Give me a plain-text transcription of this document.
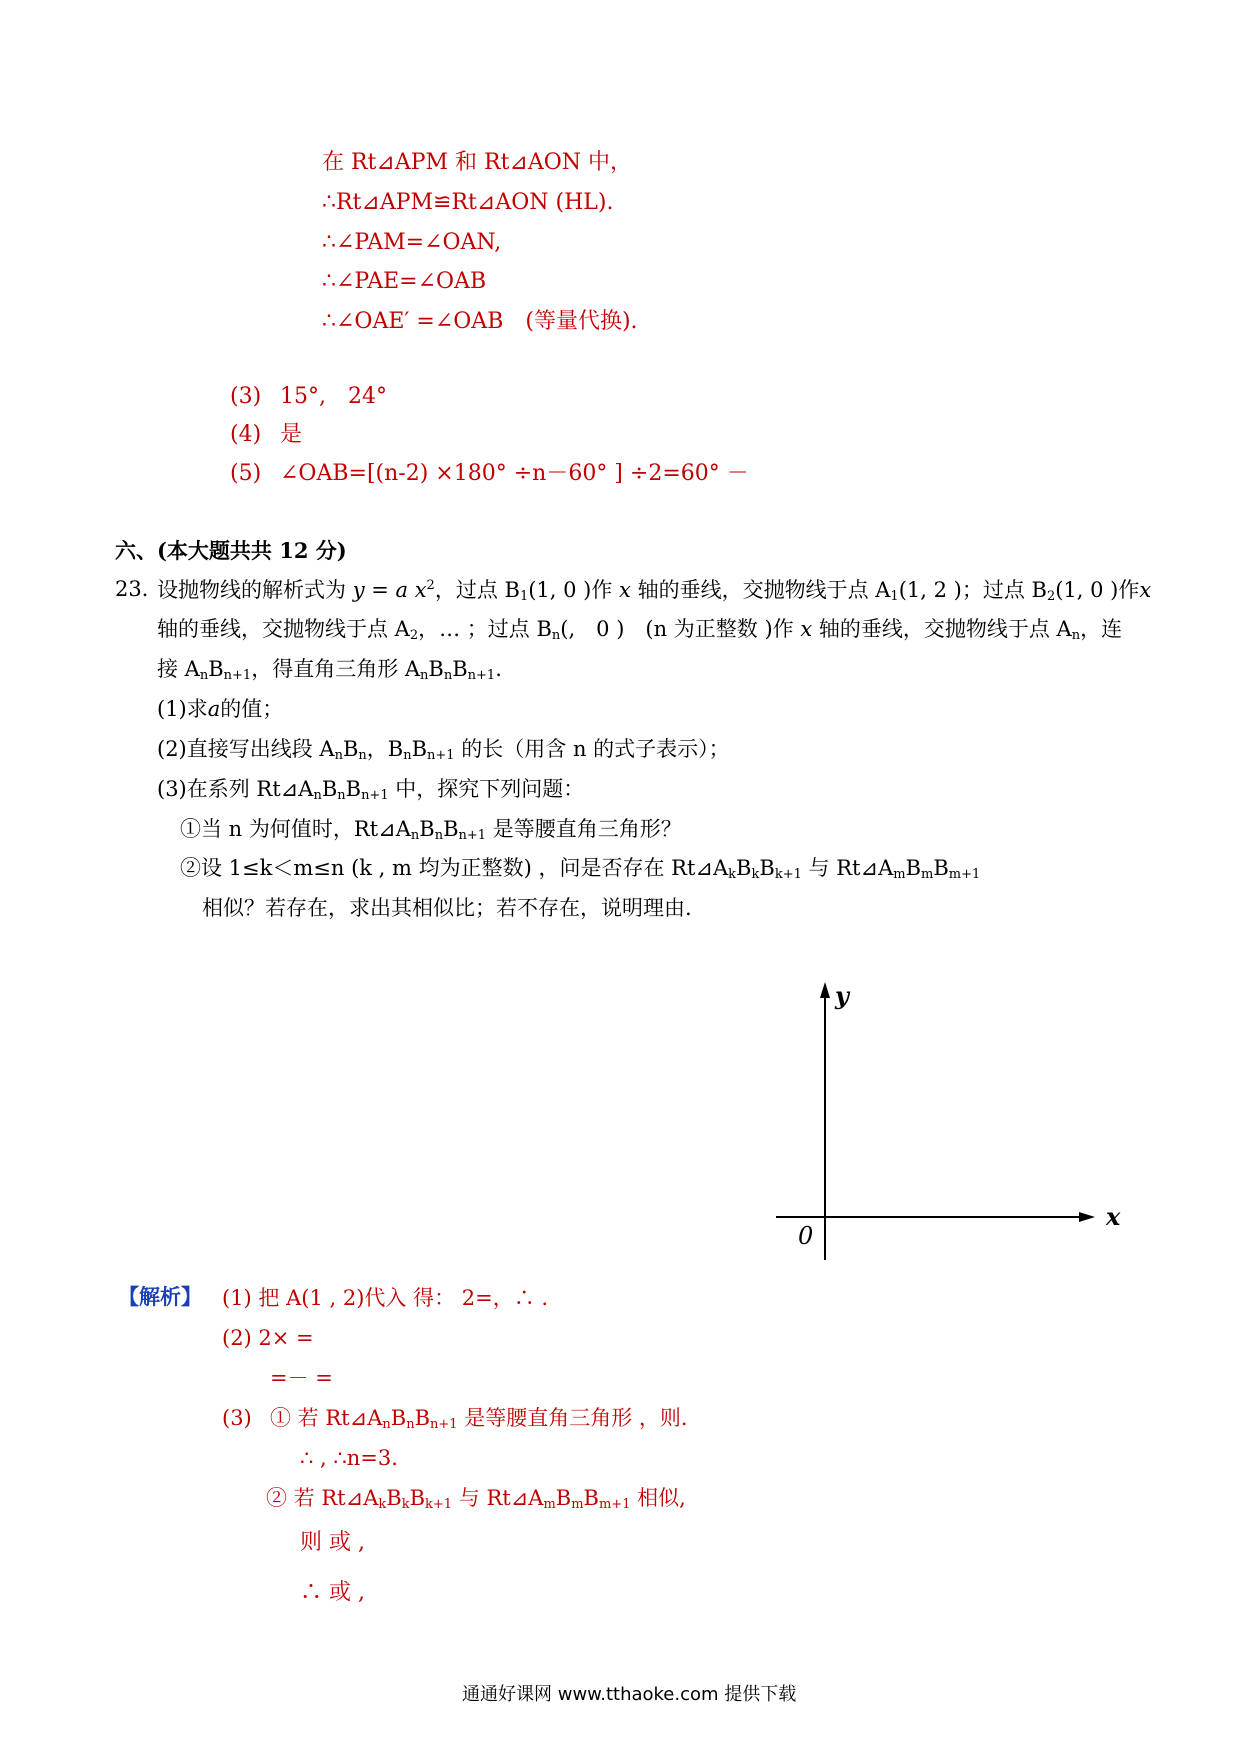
在 Rt⊿APM 和 Rt⊿AON 中，
∴Rt⊿APM≌Rt⊿AON (HL).
∴∠PAM=∠OAN,
∴∠PAE=∠OAB
∴∠OAE′ =∠OAB　(等量代换).
(3) 15°,　24°
(4) 是
(5) ∠OAB=[(n-2) ×180° ÷n－60° ] ÷2=60° －
六、(本大题共共 12 分)
23．
设抛物线的解析式为 y = a $x^2$，过点 $B_1(1$, 0 )作 x 轴的垂线，交抛物线于点 $A_1(1$, 2 )；过点 $B_2(1$, 0 )作x
轴的垂线，交抛物线于点 $A_2$，… ；过点 $B_n$(,　0 )　(n 为正整数 )作 x 轴的垂线，交抛物线于点 $A_n$，连
接 $A_nB_{n+1}$，得直角三角形 $A_nB_nB_{n+1}$.
(1)求a的值；
(2)直接写出线段 $A_nB_n$，$B_nB_{n+1}$ 的长（用含 n 的式子表示）；
(3)在系列 $Rt⊿A_nB_nB_{n+1}$ 中，探究下列问题：
①当 n 为何值时，$Rt⊿A_nB_nB_{n+1}$ 是等腰直角三角形？
②设 1≤k＜m≤n (k , m 均为正整数) ，问是否存在 $Rt⊿A_kB_kB_{k+1}$ 与 $Rt⊿A_mB_mB_{m+1}$
相似？若存在，求出其相似比；若不存在，说明理由.
y
x
0
【解析】 (1) 把 A(1 , 2)代入 得： 2=，∴ .
(2) 2× =
=－ =
(3) ① 若 $Rt⊿A_nB_nB_{n+1}$ 是等腰直角三角形 ，则.
∴ , ∴n=3.
② 若 $Rt⊿A_kB_kB_{k+1}$ 与 $Rt⊿A_mB_mB_{m+1}$ 相似,
则 或 ,
∴ 或 ,
通通好课网 www.tthaoke.com 提供下载
